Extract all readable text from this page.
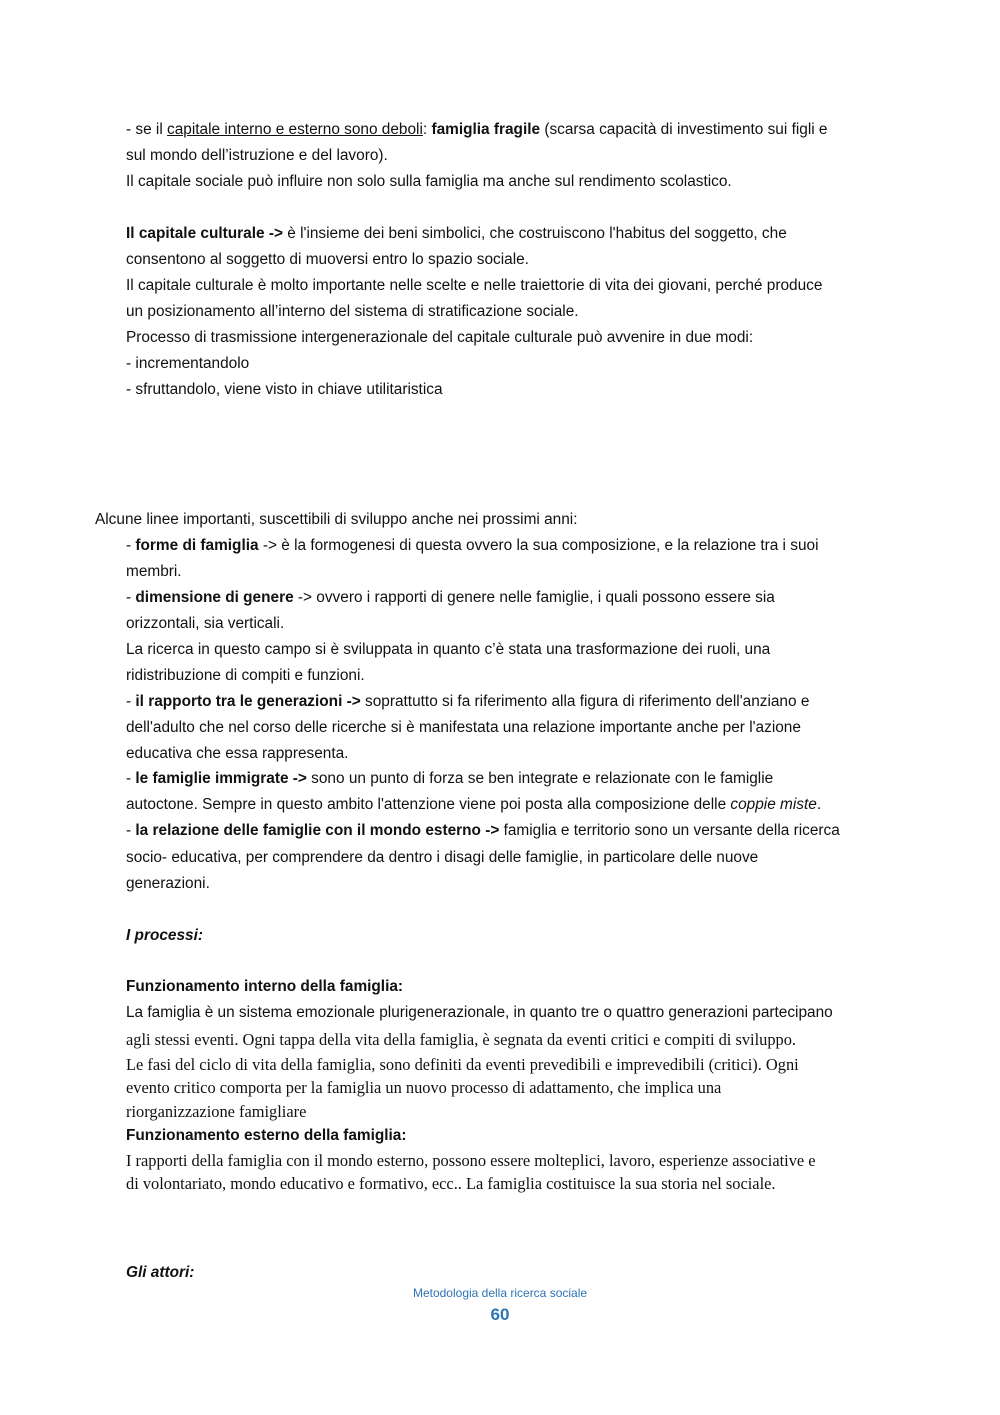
- se il capitale interno e esterno sono deboli: famiglia fragile (scarsa capacità di investimento sui figli e
sul mondo dell’istruzione e del lavoro).
Il capitale sociale può influire non solo sulla famiglia ma anche sul rendimento scolastico.
Il capitale culturale -> è l'insieme dei beni simbolici, che costruiscono l'habitus del soggetto, che
consentono al soggetto di muoversi entro lo spazio sociale.
Il capitale culturale è molto importante nelle scelte e nelle traiettorie di vita dei giovani, perché produce
un posizionamento all’interno del sistema di stratificazione sociale.
Processo di trasmissione intergenerazionale del capitale culturale può avvenire in due modi:
- incrementandolo
- sfruttandolo, viene visto in chiave utilitaristica
Alcune linee importanti, suscettibili di sviluppo anche nei prossimi anni:
- forme di famiglia -> è la formogenesi di questa ovvero la sua composizione, e la relazione tra i suoi
membri.
- dimensione di genere -> ovvero i rapporti di genere nelle famiglie, i quali possono essere sia
orizzontali, sia verticali.
La ricerca in questo campo si è sviluppata in quanto c’è stata una trasformazione dei ruoli, una
ridistribuzione di compiti e funzioni.
- il rapporto tra le generazioni -> soprattutto si fa riferimento alla figura di riferimento dell'anziano e
dell'adulto che nel corso delle ricerche si è manifestata una relazione importante anche per l'azione
educativa che essa rappresenta.
- le famiglie immigrate -> sono un punto di forza se ben integrate e relazionate con le famiglie
autoctone. Sempre in questo ambito l'attenzione viene poi posta alla composizione delle coppie miste.
- la relazione delle famiglie con il mondo esterno -> famiglia e territorio sono un versante della ricerca
socio- educativa, per comprendere da dentro i disagi delle famiglie, in particolare delle nuove
generazioni.
I processi:
Funzionamento interno della famiglia:
La famiglia è un sistema emozionale plurigenerazionale, in quanto tre o quattro generazioni partecipano
agli stessi eventi. Ogni tappa della vita della famiglia, è segnata da eventi critici e compiti di sviluppo.
Le fasi del ciclo di vita della famiglia, sono definiti da eventi prevedibili e imprevedibili (critici). Ogni
evento critico comporta per la famiglia un nuovo processo di adattamento, che implica una
riorganizzazione famigliare
Funzionamento esterno della famiglia:
I rapporti della famiglia con il mondo esterno, possono essere molteplici, lavoro, esperienze associative e
di volontariato, mondo educativo e formativo, ecc.. La famiglia costituisce la sua storia nel sociale.
Gli attori:
Metodologia della ricerca sociale
60
